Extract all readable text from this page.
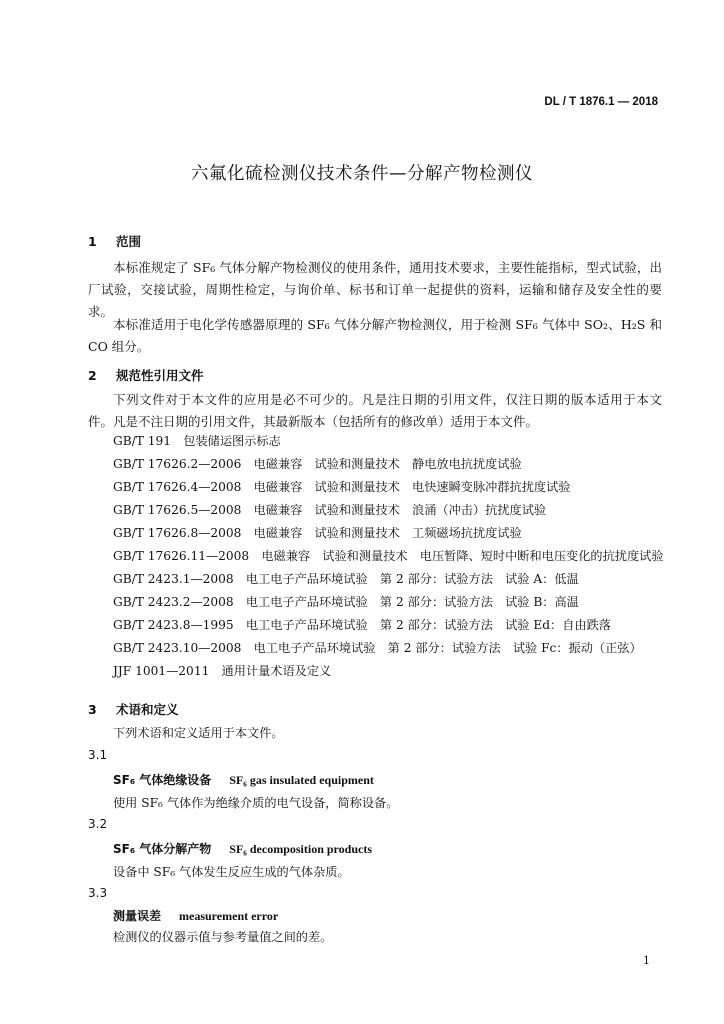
DL / T 1876.1 — 2018
六氟化硫检测仪技术条件—分解产物检测仪
1 范围
本标准规定了 SF₆ 气体分解产物检测仪的使用条件，通用技术要求，主要性能指标，型式试验，出厂试验，交接试验，周期性检定，与询价单、标书和订单一起提供的资料，运输和储存及安全性的要求。
本标准适用于电化学传感器原理的 SF₆ 气体分解产物检测仪，用于检测 SF₆ 气体中 SO₂、H₂S 和 CO 组分。
2 规范性引用文件
下列文件对于本文件的应用是必不可少的。凡是注日期的引用文件，仅注日期的版本适用于本文件。凡是不注日期的引用文件，其最新版本（包括所有的修改单）适用于本文件。
GB/T 191　包装储运图示标志
GB/T 17626.2—2006　电磁兼容　试验和测量技术　静电放电抗扰度试验
GB/T 17626.4—2008　电磁兼容　试验和测量技术　电快速瞬变脉冲群抗扰度试验
GB/T 17626.5—2008　电磁兼容　试验和测量技术　浪涌（冲击）抗扰度试验
GB/T 17626.8—2008　电磁兼容　试验和测量技术　工频磁场抗扰度试验
GB/T 17626.11—2008　电磁兼容　试验和测量技术　电压暂降、短时中断和电压变化的抗扰度试验
GB/T 2423.1—2008　电工电子产品环境试验　第 2 部分：试验方法　试验 A：低温
GB/T 2423.2—2008　电工电子产品环境试验　第 2 部分：试验方法　试验 B：高温
GB/T 2423.8—1995　电工电子产品环境试验　第 2 部分：试验方法　试验 Ed：自由跌落
GB/T 2423.10—2008　电工电子产品环境试验　第 2 部分：试验方法　试验 Fc：振动（正弦）
JJF 1001—2011　通用计量术语及定义
3 术语和定义
下列术语和定义适用于本文件。
3.1
SF₆ 气体绝缘设备 SF₆ gas insulated equipment
使用 SF₆ 气体作为绝缘介质的电气设备，简称设备。
3.2
SF₆ 气体分解产物 SF₆ decomposition products
设备中 SF₆ 气体发生反应生成的气体杂质。
3.3
测量误差 measurement error
检测仪的仪器示值与参考量值之间的差。
1
